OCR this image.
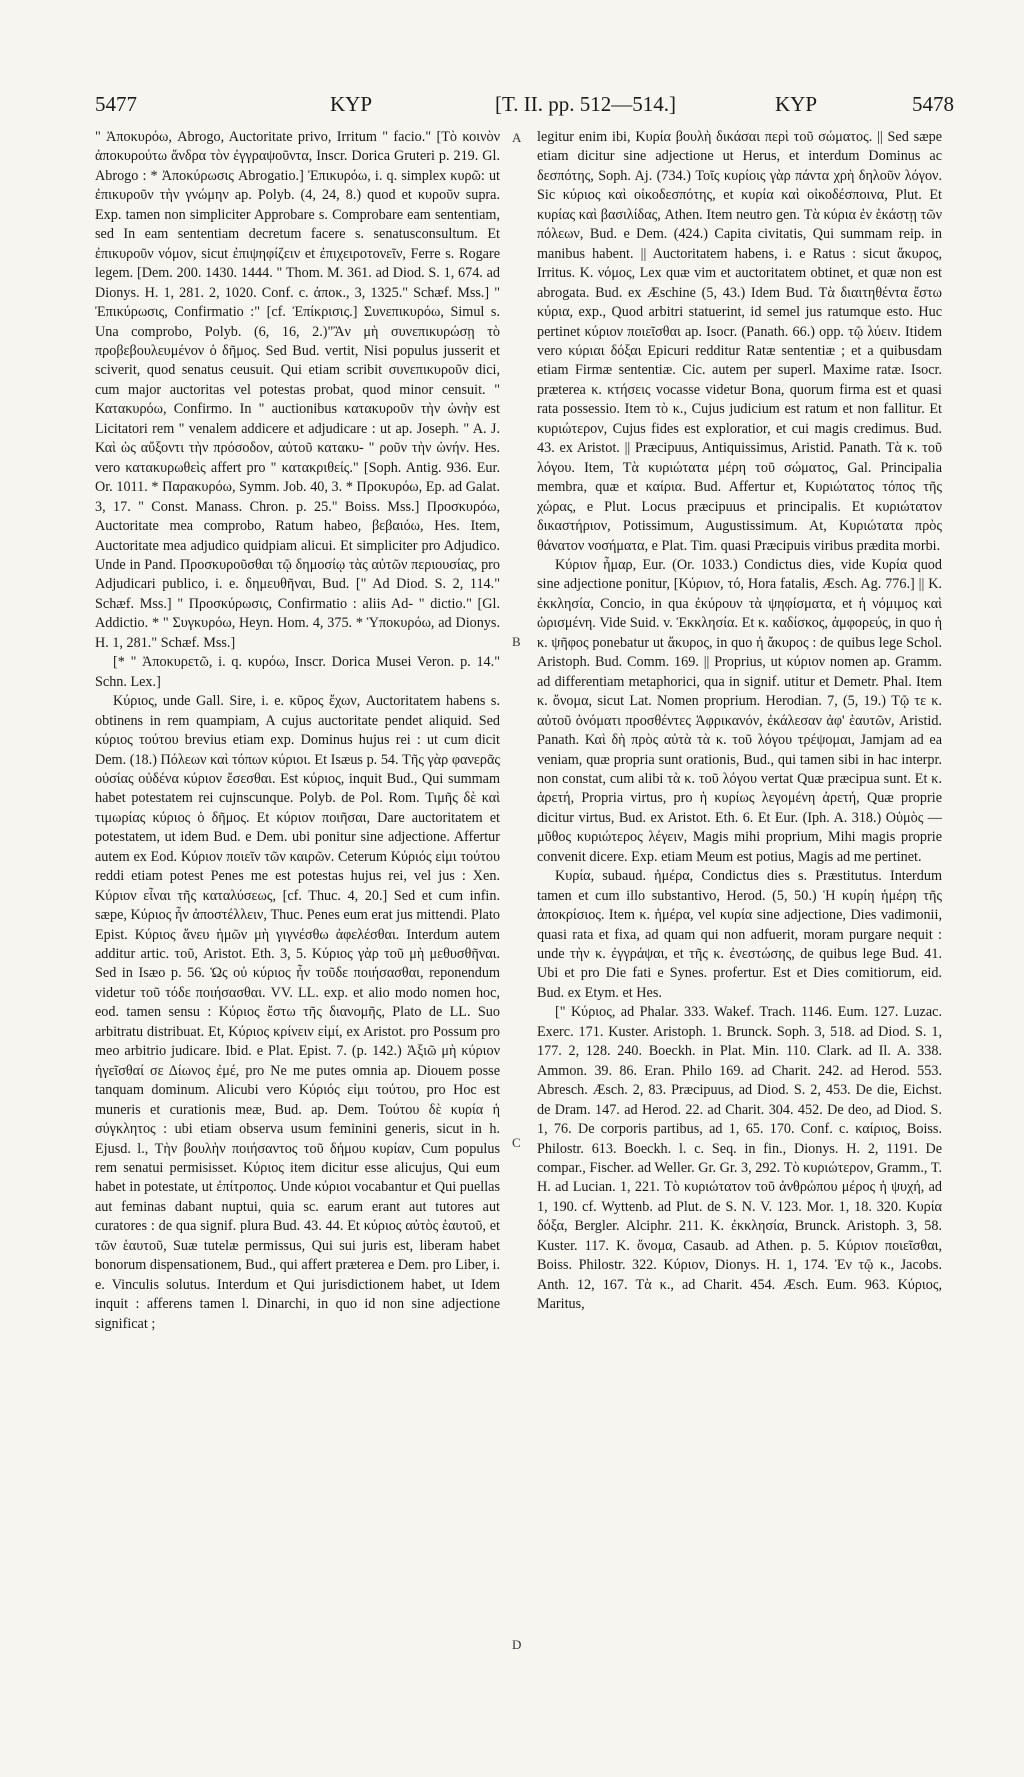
5477	ΚΥΡ	[T. II. pp. 512—514.]	ΚΥΡ	5478
A
B
C
D

" Ἀποκυρόω, Abrogo, Auctoritate privo, Irritum " facio." [Τὸ κοινὸν ἀποκυρούτω ἄνδρα τὸν ἐγγραψοῦντα, Inscr. Dorica Gruteri p. 219. Gl. Abrogo : * Ἀποκύρωσις Abrogatio.] Ἐπικυρόω, i. q. simplex κυρῶ: ut ἐπικυροῦν τὴν γνώμην ap. Polyb. (4, 24, 8.) quod et κυροῦν supra. Exp. tamen non simpliciter Approbare s. Comprobare eam sententiam, sed In eam sententiam decretum facere s. senatusconsultum. Et ἐπικυροῦν νόμον, sicut ἐπιψηφίζειν et ἐπιχειροτονεῖν, Ferre s. Rogare legem. [Dem. 200. 1430. 1444. " Thom. M. 361. ad Diod. S. 1, 674. ad Dionys. H. 1, 281. 2, 1020. Conf. c. ἀποκ., 3, 1325." Schæf. Mss.] " Ἐπικύρωσις, Confirmatio :" [cf. Ἐπίκρισις.] Συνεπικυρόω, Simul s. Una comprobo, Polyb. (6, 16, 2.)"Ἂν μὴ συνεπικυρώσῃ τὸ προβεβουλευμένον ὁ δῆμος. Sed Bud. vertit, Nisi populus jusserit et sciverit, quod senatus ceusuit. Qui etiam scribit συνεπικυροῦν dici, cum major auctoritas vel potestas probat, quod minor censuit. " Κατακυρόω, Confirmo. In " auctionibus κατακυροῦν τὴν ὠνὴν est Licitatori rem " venalem addicere et adjudicare : ut ap. Joseph. " A. J. Καὶ ὡς αὔξοντι τὴν πρόσοδον, αὐτοῦ κατακυ- " ροῦν τὴν ὠνήν. Hes. vero κατακυρωθεὶς affert pro " κατακριθείς." [Soph. Antig. 936. Eur. Or. 1011. * Παρακυρόω, Symm. Job. 40, 3. * Προκυρόω, Ep. ad Galat. 3, 17. " Const. Manass. Chron. p. 25." Boiss. Mss.] Προσκυρόω, Auctoritate mea comprobo, Ratum habeo, βεβαιόω, Hes. Item, Auctoritate mea adjudico quidpiam alicui. Et simpliciter pro Adjudico. Unde in Pand. Προσκυροῦσθαι τῷ δημοσίῳ τὰς αὐτῶν περιουσίας, pro Adjudicari publico, i. e. δημευθῆναι, Bud. [" Ad Diod. S. 2, 114." Schæf. Mss.] " Προσκύρωσις, Confirmatio : aliis Ad- " dictio." [Gl. Addictio. * " Συγκυρόω, Heyn. Hom. 4, 375. * Ὑποκυρόω, ad Dionys. H. 1, 281." Schæf. Mss.]

[* " Ἀποκυρετῶ, i. q. κυρόω, Inscr. Dorica Musei Veron. p. 14." Schn. Lex.]

Κύριος, unde Gall. Sire, i. e. κῦρος ἔχων, Auctoritatem habens s. obtinens in rem quampiam, A cujus auctoritate pendet aliquid. Sed κύριος τούτου brevius etiam exp. Dominus hujus rei : ut cum dicit Dem. (18.) Πόλεων καὶ τόπων κύριοι. Et Isæus p. 54. Τῆς γὰρ φανερᾶς οὐσίας οὐδένα κύριον ἔσεσθαι. Est κύριος, inquit Bud., Qui summam habet potestatem rei cujnscunque. Polyb. de Pol. Rom. Τιμῆς δὲ καὶ τιμωρίας κύριος ὁ δῆμος. Et κύριον ποιῆσαι, Dare auctoritatem et potestatem, ut idem Bud. e Dem. ubi ponitur sine adjectione. Affertur autem ex Eod. Κύριον ποιεῖν τῶν καιρῶν. Ceterum Κύριός εἰμι τούτου reddi etiam potest Penes me est potestas hujus rei, vel jus : Xen. Κύριον εἶναι τῆς καταλύσεως, [cf. Thuc. 4, 20.] Sed et cum infin. sæpe, Κύριος ἦν ἀποστέλλειν, Thuc. Penes eum erat jus mittendi. Plato Epist. Κύριος ἄνευ ἡμῶν μὴ γιγνέσθω ἀφελέσθαι. Interdum autem additur artic. τοῦ, Aristot. Eth. 3, 5. Κύριος γὰρ τοῦ μὴ μεθυσθῆναι. Sed in Isæo p. 56. Ὡς οὐ κύριος ἦν τοῦδε ποιήσασθαι, reponendum videtur τοῦ τόδε ποιήσασθαι. VV. LL. exp. et alio modo nomen hoc, eod. tamen sensu : Κύριος ἔστω τῆς διανομῆς, Plato de LL. Suo arbitratu distribuat. Et, Κύριος κρίνειν εἰμί, ex Aristot. pro Possum pro meo arbitrio judicare. Ibid. e Plat. Epist. 7. (p. 142.) Ἀξιῶ μὴ κύριον ἡγεῖσθαί σε Δίωνος ἐμέ, pro Ne me putes omnia ap. Diouem posse tanquam dominum. Alicubi vero Κύριός εἰμι τούτου, pro Hoc est muneris et curationis meæ, Bud. ap. Dem. Τούτου δὲ κυρία ἡ σύγκλητος : ubi etiam observa usum feminini generis, sicut in h. Ejusd. l., Τὴν βουλὴν ποιήσαντος τοῦ δήμου κυρίαν, Cum populus rem senatui permisisset. Κύριος item dicitur esse alicujus, Qui eum habet in potestate, ut ἐπίτροπος. Unde κύριοι vocabantur et Qui puellas aut feminas dabant nuptui, quia sc. earum erant aut tutores aut curatores : de qua signif. plura Bud. 43. 44. Et κύριος αὐτὸς ἑαυτοῦ, et τῶν ἑαυτοῦ, Suæ tutelæ permissus, Qui sui juris est, liberam habet bonorum dispensationem, Bud., qui affert præterea e Dem. pro Liber, i. e. Vinculis solutus. Interdum et Qui jurisdictionem habet, ut Idem inquit : afferens tamen l. Dinarchi, in quo id non sine adjectione significat ;

legitur enim ibi, Κυρία βουλὴ δικάσαι περὶ τοῦ σώματος. || Sed sæpe etiam dicitur sine adjectione ut Herus, et interdum Dominus ac δεσπότης, Soph. Aj. (734.) Τοῖς κυρίοις γὰρ πάντα χρὴ δηλοῦν λόγον. Sic κύριος καὶ οἰκοδεσπότης, et κυρία καὶ οἰκοδέσποινα, Plut. Et κυρίας καὶ βασιλίδας, Athen. Item neutro gen. Τὰ κύρια ἐν ἑκάστῃ τῶν πόλεων, Bud. e Dem. (424.) Capita civitatis, Qui summam reip. in manibus habent. || Auctoritatem habens, i. e Ratus : sicut ἄκυρος, Irritus. K. νόμος, Lex quæ vim et auctoritatem obtinet, et quæ non est abrogata. Bud. ex Æschine (5, 43.) Idem Bud. Τὰ διαιτηθέντα ἔστω κύρια, exp., Quod arbitri statuerint, id semel jus ratumque esto. Huc pertinet κύριον ποιεῖσθαι ap. Isocr. (Panath. 66.) opp. τῷ λύειν. Itidem vero κύριαι δόξαι Epicuri redditur Ratæ sententiæ ; et a quibusdam etiam Firmæ sententiæ. Cic. autem per superl. Maxime ratæ. Isocr. præterea κ. κτήσεις vocasse videtur Bona, quorum firma est et quasi rata possessio. Item τὸ κ., Cujus judicium est ratum et non fallitur. Et κυριώτερον, Cujus fides est exploratior, et cui magis credimus. Bud. 43. ex Aristot. || Præcipuus, Antiquissimus, Aristid. Panath. Τὰ κ. τοῦ λόγου. Item, Τὰ κυριώτατα μέρη τοῦ σώματος, Gal. Principalia membra, quæ et καίρια. Bud. Affertur et, Κυριώτατος τόπος τῆς χώρας, e Plut. Locus præcipuus et principalis. Et κυριώτατον δικαστήριον, Potissimum, Augustissimum. At, Κυριώτατα πρὸς θάνατον νοσήματα, e Plat. Tim. quasi Præcipuis viribus prædita morbi.

Κύριον ἦμαρ, Eur. (Or. 1033.) Condictus dies, vide Κυρία quod sine adjectione ponitur, [Κύριον, τό, Hora fatalis, Æsch. Ag. 776.] || K. ἐκκλησία, Concio, in qua ἐκύρουν τὰ ψηφίσματα, et ἡ νόμιμος καὶ ὡρισμένη. Vide Suid. v. Ἐκκλησία. Et κ. καδίσκος, ἀμφορεύς, in quo ἡ κ. ψῆφος ponebatur ut ἄκυρος, in quo ἡ ἄκυρος : de quibus lege Schol. Aristoph. Bud. Comm. 169. || Proprius, ut κύριον nomen ap. Gramm. ad differentiam metaphorici, qua in signif. utitur et Demetr. Phal. Item κ. ὄνομα, sicut Lat. Nomen proprium. Herodian. 7, (5, 19.) Τῷ τε κ. αὐτοῦ ὀνόματι προσθέντες Ἀφρικανόν, ἐκάλεσαν ἀφ' ἑαυτῶν, Aristid. Panath. Καὶ δὴ πρὸς αὐτὰ τὰ κ. τοῦ λόγου τρέψομαι, Jamjam ad ea veniam, quæ propria sunt orationis, Bud., qui tamen sibi in hac interpr. non constat, cum alibi τὰ κ. τοῦ λόγου vertat Quæ præcipua sunt. Et κ. ἀρετή, Propria virtus, pro ἡ κυρίως λεγομένη ἀρετή, Quæ proprie dicitur virtus, Bud. ex Aristot. Eth. 6. Et Eur. (Iph. A. 318.) Οὑμὸς — μῦθος κυριώτερος λέγειν, Magis mihi proprium, Mihi magis proprie convenit dicere. Exp. etiam Meum est potius, Magis ad me pertinet.

Κυρία, subaud. ἡμέρα, Condictus dies s. Præstitutus. Interdum tamen et cum illo substantivo, Herod. (5, 50.) Ἡ κυρίη ἡμέρη τῆς ἀποκρίσιος. Item κ. ἡμέρα, vel κυρία sine adjectione, Dies vadimonii, quasi rata et fixa, ad quam qui non adfuerit, moram purgare nequit : unde τὴν κ. ἐγγράψαι, et τῆς κ. ἐνεστώσης, de quibus lege Bud. 41. Ubi et pro Die fati e Synes. profertur. Est et Dies comitiorum, eid. Bud. ex Etym. et Hes.

[" Κύριος, ad Phalar. 333. Wakef. Trach. 1146. Eum. 127. Luzac. Exerc. 171. Kuster. Aristoph. 1. Brunck. Soph. 3, 518. ad Diod. S. 1, 177. 2, 128. 240. Boeckh. in Plat. Min. 110. Clark. ad Il. A. 338. Ammon. 39. 86. Eran. Philo 169. ad Charit. 242. ad Herod. 553. Abresch. Æsch. 2, 83. Præcipuus, ad Diod. S. 2, 453. De die, Eichst. de Dram. 147. ad Herod. 22. ad Charit. 304. 452. De deo, ad Diod. S. 1, 76. De corporis partibus, ad 1, 65. 170. Conf. c. καίριος, Boiss. Philostr. 613. Boeckh. l. c. Seq. in fin., Dionys. H. 2, 1191. De compar., Fischer. ad Weller. Gr. Gr. 3, 292. Τὸ κυριώτερον, Gramm., T. H. ad Lucian. 1, 221. Τὸ κυριώτατον τοῦ ἀνθρώπου μέρος ἡ ψυχή, ad 1, 190. cf. Wyttenb. ad Plut. de S. N. V. 123. Mor. 1, 18. 320. Κυρία δόξα, Bergler. Alciphr. 211. K. ἐκκλησία, Brunck. Aristoph. 3, 58. Kuster. 117. K. ὄνομα, Casaub. ad Athen. p. 5. Κύριον ποιεῖσθαι, Boiss. Philostr. 322. Κύριον, Dionys. H. 1, 174. Ἐν τῷ κ., Jacobs. Anth. 12, 167. Τὰ κ., ad Charit. 454. Æsch. Eum. 963. Κύριος, Maritus,
